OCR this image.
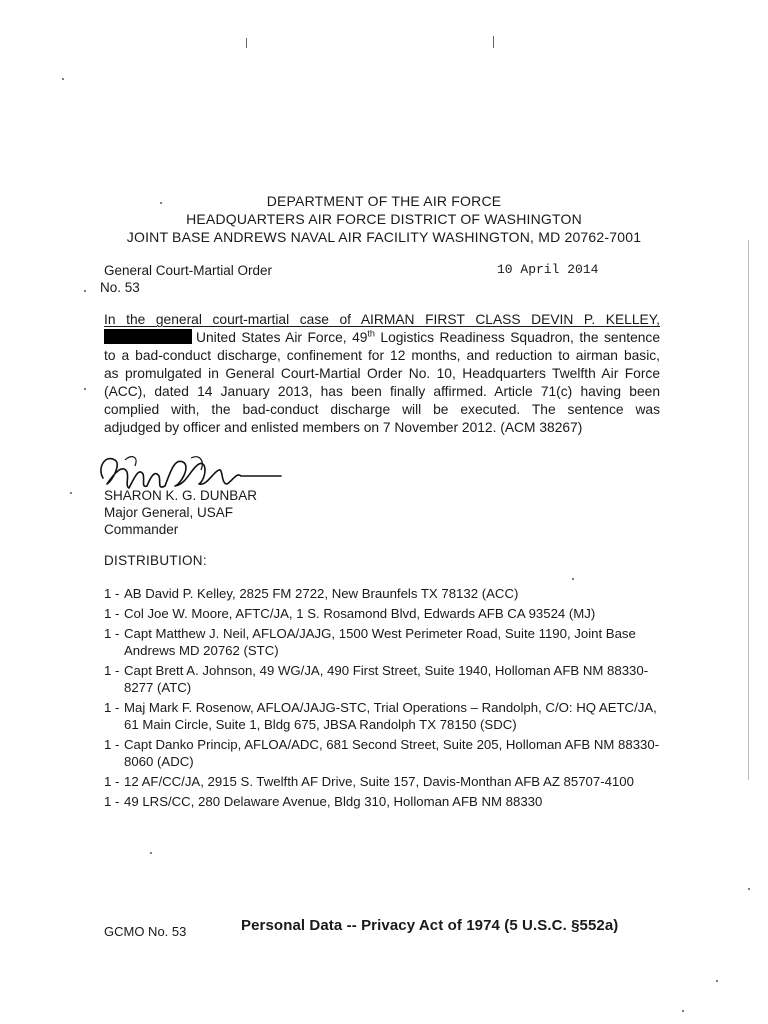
DEPARTMENT OF THE AIR FORCE
HEADQUARTERS AIR FORCE DISTRICT OF WASHINGTON
JOINT BASE ANDREWS NAVAL AIR FACILITY WASHINGTON, MD 20762-7001
General Court-Martial Order
No. 53
10 April 2014
In the general court-martial case of AIRMAN FIRST CLASS DEVIN P. KELLEY,
United States Air Force, 49th Logistics Readiness Squadron, the sentence
to a bad-conduct discharge, confinement for 12 months, and reduction to airman basic,
as promulgated in General Court-Martial Order No. 10, Headquarters Twelfth Air Force
(ACC), dated 14 January 2013, has been finally affirmed. Article 71(c) having been
complied with, the bad-conduct discharge will be executed. The sentence was
adjudged by officer and enlisted members on 7 November 2012. (ACM 38267)
SHARON K. G. DUNBAR
Major General, USAF
Commander
DISTRIBUTION:
1 - AB David P. Kelley, 2825 FM 2722, New Braunfels TX 78132 (ACC)
1 - Col Joe W. Moore, AFTC/JA, 1 S. Rosamond Blvd, Edwards AFB CA 93524 (MJ)
1 - Capt Matthew J. Neil, AFLOA/JAJG, 1500 West Perimeter Road, Suite 1190, Joint Base Andrews MD 20762 (STC)
1 - Capt Brett A. Johnson, 49 WG/JA, 490 First Street, Suite 1940, Holloman AFB NM 88330-8277 (ATC)
1 - Maj Mark F. Rosenow, AFLOA/JAJG-STC, Trial Operations – Randolph, C/O: HQ AETC/JA, 61 Main Circle, Suite 1, Bldg 675, JBSA Randolph TX 78150 (SDC)
1 - Capt Danko Princip, AFLOA/ADC, 681 Second Street, Suite 205, Holloman AFB NM 88330-8060 (ADC)
1 - 12 AF/CC/JA, 2915 S. Twelfth AF Drive, Suite 157, Davis-Monthan AFB AZ 85707-4100
1 - 49 LRS/CC, 280 Delaware Avenue, Bldg 310, Holloman AFB NM 88330
GCMO No. 53	Personal Data -- Privacy Act of 1974 (5 U.S.C. §552a)
